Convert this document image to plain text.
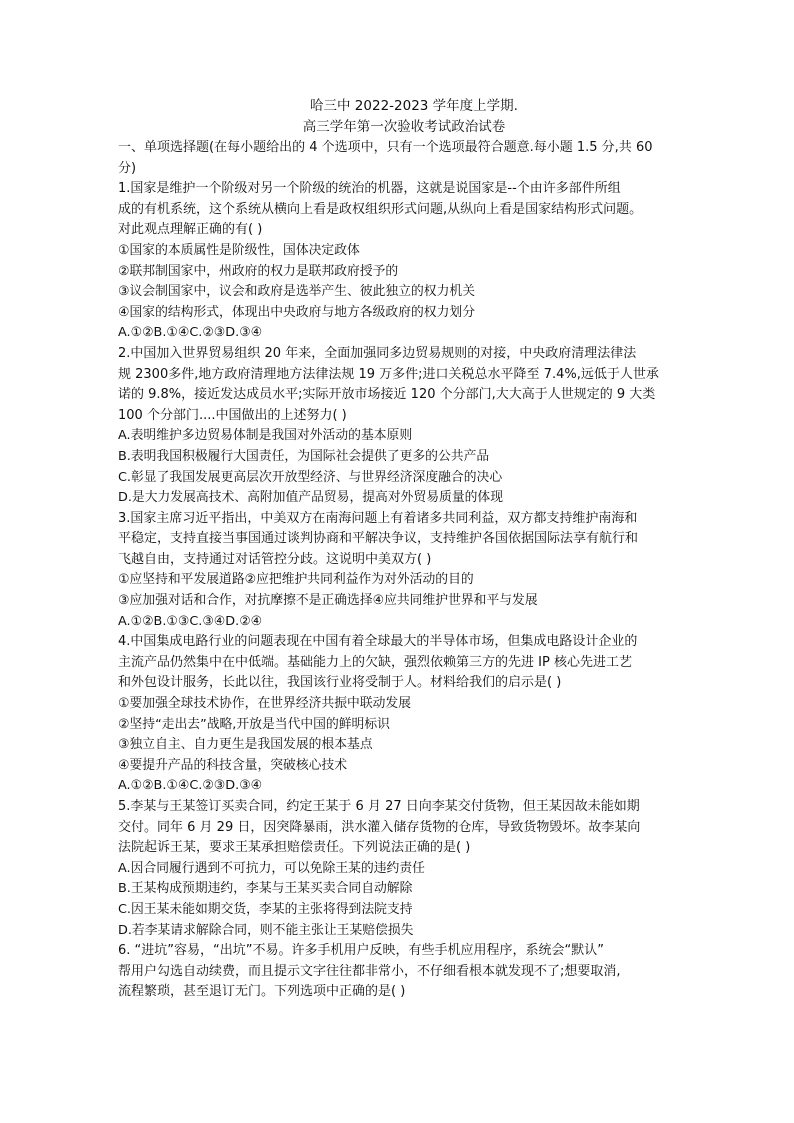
哈三中 2022-2023 学年度上学期.

高三学年第一次验收考试政治试卷

一、单项选择题(在每小题给出的 4 个选项中，只有一个选项最符合题意.每小题 1.5 分,共 60

分)

1.国家是维护一个阶级对另一个阶级的统治的机器，这就是说国家是--个由许多部件所组

成的有机系统，这个系统从横向上看是政权组织形式问题,从纵向上看是国家结构形式问题。

对此观点理解正确的有( )

①国家的本质属性是阶级性，国体决定政体

②联邦制国家中，州政府的权力是联邦政府授予的

③议会制国家中，议会和政府是选举产生、彼此独立的权力机关

④国家的结构形式，体现出中央政府与地方各级政府的权力划分

A.①②B.①④C.②③D.③④

2.中国加入世界贸易组织 20 年来，全面加强同多边贸易规则的对接，中央政府清理法律法

规 2300多件,地方政府清理地方法律法规 19 万多件;进口关税总水平降至 7.4%,远低于人世承

诺的 9.8%，接近发达成员水平;实际开放市场接近 120 个分部门,大大高于人世规定的 9 大类

100 个分部门....中国做出的上述努力( )

A.表明维护多边贸易体制是我国对外活动的基本原则

B.表明我国积极履行大国责任，为国际社会提供了更多的公共产品

C.彰显了我国发展更高层次开放型经济、与世界经济深度融合的决心

D.是大力发展高技术、高附加值产品贸易，提高对外贸易质量的体现

3.国家主席习近平指出，中美双方在南海问题上有着诸多共同利益，双方都支持维护南海和

平稳定，支持直接当事国通过谈判协商和平解决争议，支持维护各国依据国际法享有航行和

飞越自由，支持通过对话管控分歧。这说明中美双方( )

①应坚持和平发展道路②应把维护共同利益作为对外活动的目的

③应加强对话和合作，对抗摩擦不是正确选择④应共同维护世界和平与发展

A.①②B.①③C.③④D.②④

4.中国集成电路行业的问题表现在中国有着全球最大的半导体市场，但集成电路设计企业的

主流产品仍然集中在中低端。基础能力上的欠缺，强烈依赖第三方的先进 IP 核心先进工艺

和外包设计服务，长此以往，我国该行业将受制于人。材料给我们的启示是( )

①要加强全球技术协作，在世界经济共振中联动发展

②坚持“走出去”战略,开放是当代中国的鲜明标识

③独立自主、自力更生是我国发展的根本基点

④要提升产品的科技含量，突破核心技术

A.①②B.①④C.②③D.③④

5.李某与王某签订买卖合同，约定王某于 6 月 27 日向李某交付货物，但王某因故未能如期

交付。同年 6 月 29 日，因突降暴雨，洪水灌入储存货物的仓库，导致货物毁坏。故李某向

法院起诉王某，要求王某承担赔偿责任。下列说法正确的是( )

A.因合同履行遇到不可抗力，可以免除王某的违约责任

B.王某构成预期违约，李某与王某买卖合同自动解除

C.因王某未能如期交货，李某的主张将得到法院支持

D.若李某请求解除合同，则不能主张让王某赔偿损失

6. “进坑”容易，“出坑”不易。许多手机用户反映，有些手机应用程序，系统会“默认”

帮用户勾选自动续费，而且提示文字往往都非常小，不仔细看根本就发现不了;想要取消,

流程繁琐，甚至退订无门。下列选项中正确的是( )
